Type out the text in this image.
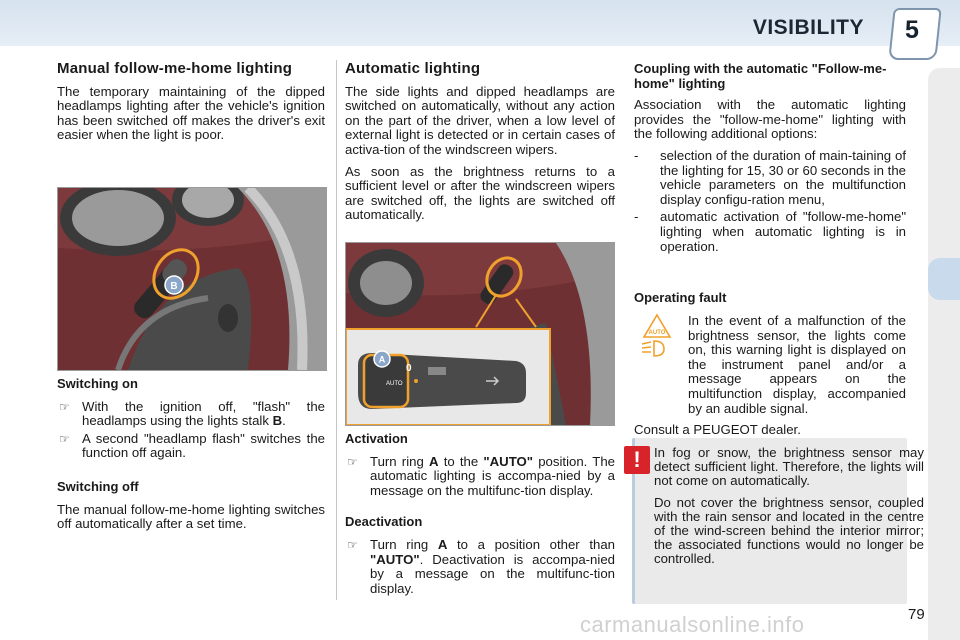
VISIBILITY 5
Manual follow-me-home lighting

The temporary maintaining of the dipped headlamps lighting after the vehicle's ignition has been switched off makes the driver's exit easier when the light is poor.

B
Switching on
☞ With the ignition off, "flash" the headlamps using the lights stalk B.
☞ A second "headlamp flash" switches the function off again.
Switching off

The manual follow-me-home lighting switches off automatically after a set time.

Automatic lighting

The side lights and dipped headlamps are switched on automatically, without any action on the part of the driver, when a low level of external light is detected or in certain cases of activa-tion of the windscreen wipers.

As soon as the brightness returns to a sufficient level or after the windscreen wipers are switched off, the lights are switched off automatically.

0
AUTO
A
Activation
☞ Turn ring A to the "AUTO" position. The automatic lighting is accompa-nied by a message on the multifunc-tion display.
Deactivation
☞ Turn ring A to a position other than "AUTO". Deactivation is accompa-nied by a message on the multifunc-tion display.
Coupling with the automatic "Follow-me-home" lighting

Association with the automatic lighting provides the "follow-me-home" lighting with the following additional options:

-	selection of the duration of main-taining of the lighting for 15, 30 or 60 seconds in the vehicle parameters on the multifunction display configu-ration menu,
-	automatic activation of "follow-me-home" lighting when automatic lighting is in operation.
Operating fault
AUTO

In the event of a malfunction of the brightness sensor, the lights come on, this warning light is displayed on the instrument panel and/or a message appears on the multifunction display, accompanied by an audible signal.

Consult a PEUGEOT dealer.

In fog or snow, the brightness sensor may detect sufficient light. Therefore, the lights will not come on automatically.

Do not cover the brightness sensor, coupled with the rain sensor and located in the centre of the wind-screen behind the interior mirror; the associated functions would no longer be controlled.

!
carmanualsonline.info	79
